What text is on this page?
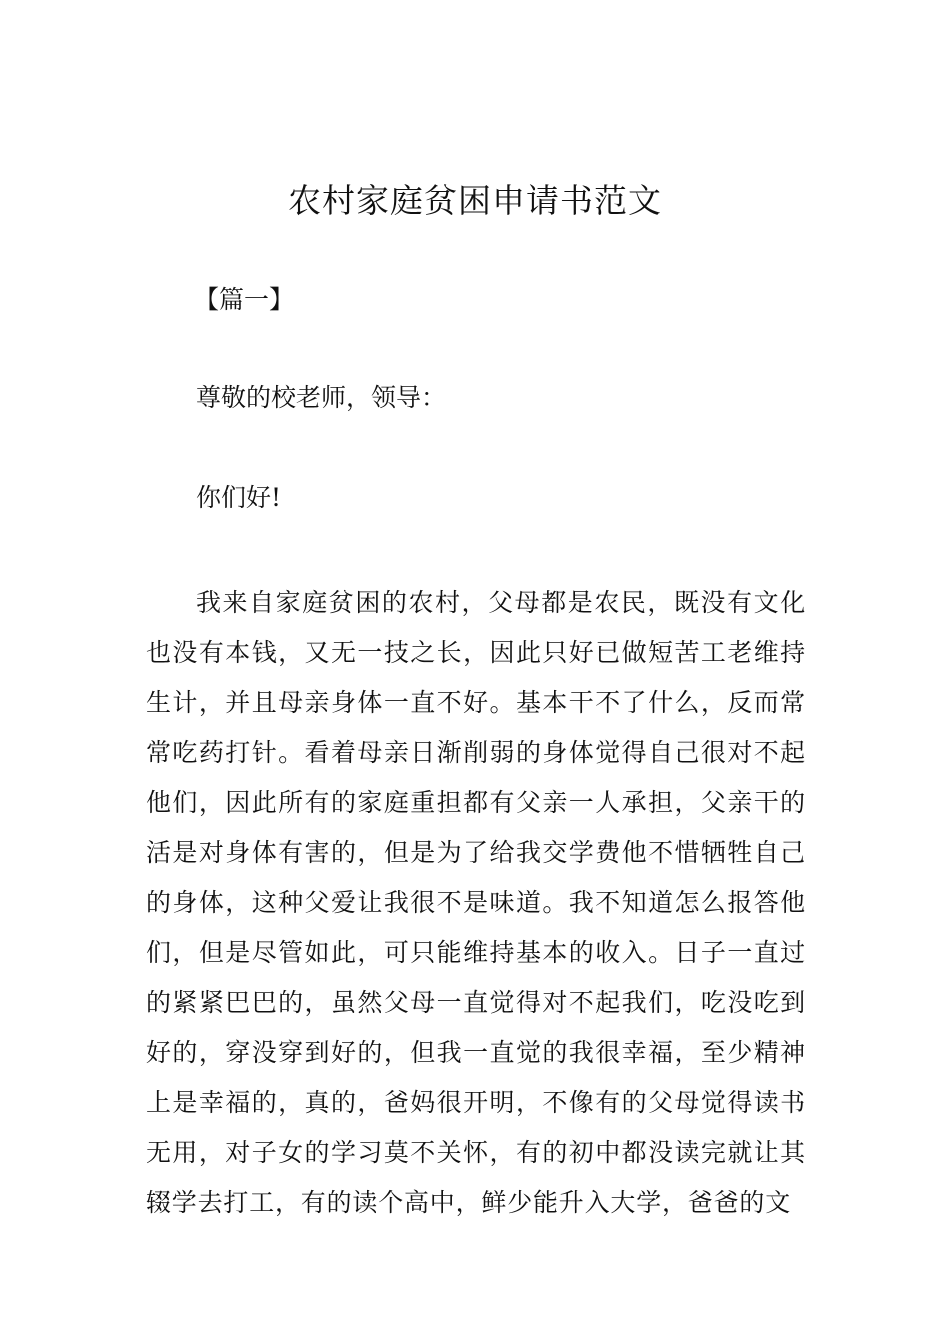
农村家庭贫困申请书范文
【篇一】
尊敬的校老师，领导：
你们好!

我来自家庭贫困的农村，父母都是农民，既没有文化也没有本钱，又无一技之长，因此只好已做短苦工老维持生计，并且母亲身体一直不好。基本干不了什么，反而常常吃药打针。看着母亲日渐削弱的身体觉得自己很对不起他们，因此所有的家庭重担都有父亲一人承担，父亲干的活是对身体有害的，但是为了给我交学费他不惜牺牲自己的身体，这种父爱让我很不是味道。我不知道怎么报答他们，但是尽管如此，可只能维持基本的收入。日子一直过的紧紧巴巴的，虽然父母一直觉得对不起我们，吃没吃到好的，穿没穿到好的，但我一直觉的我很幸福，至少精神上是幸福的，真的，爸妈很开明，不像有的父母觉得读书无用，对子女的学习莫不关怀，有的初中都没读完就让其辍学去打工，有的读个高中，鲜少能升入大学，爸爸的文
